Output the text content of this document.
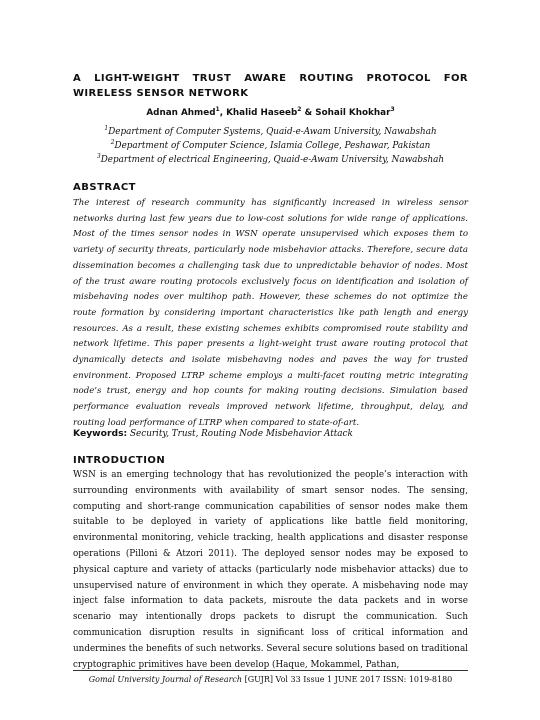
A LIGHT-WEIGHT TRUST AWARE ROUTING PROTOCOL FOR WIRELESS SENSOR NETWORK
Adnan Ahmed$^1$, Khalid Haseeb$^2$ & Sohail Khokhar$^3$
$^1$Department of Computer Systems, Quaid-e-Awam University, Nawabshah
$^2$Department of Computer Science, Islamia College, Peshawar, Pakistan
$^3$Department of electrical Engineering, Quaid-e-Awam University, Nawabshah
ABSTRACT
The interest of research community has significantly increased in wireless sensor networks during last few years due to low-cost solutions for wide range of applications. Most of the times sensor nodes in WSN operate unsupervised which exposes them to variety of security threats, particularly node misbehavior attacks. Therefore, secure data dissemination becomes a challenging task due to unpredictable behavior of nodes. Most of the trust aware routing protocols exclusively focus on identification and isolation of misbehaving nodes over multihop path. However, these schemes do not optimize the route formation by considering important characteristics like path length and energy resources. As a result, these existing schemes exhibits compromised route stability and network lifetime. This paper presents a light-weight trust aware routing protocol that dynamically detects and isolate misbehaving nodes and paves the way for trusted environment. Proposed LTRP scheme employs a multi-facet routing metric integrating node’s trust, energy and hop counts for making routing decisions. Simulation based performance evaluation reveals improved network lifetime, throughput, delay, and routing load performance of LTRP when compared to state-of-art.
Keywords: Security, Trust, Routing Node Misbehavior Attack
INTRODUCTION
WSN is an emerging technology that has revolutionized the people’s interaction with surrounding environments with availability of smart sensor nodes. The sensing, computing and short-range communication capabilities of sensor nodes make them suitable to be deployed in variety of applications like battle field monitoring, environmental monitoring, vehicle tracking, health applications and disaster response operations (Pilloni & Atzori 2011). The deployed sensor nodes may be exposed to physical capture and variety of attacks (particularly node misbehavior attacks) due to unsupervised nature of environment in which they operate. A misbehaving node may inject false information to data packets, misroute the data packets and in worse scenario may intentionally drops packets to disrupt the communication. Such communication disruption results in significant loss of critical information and undermines the benefits of such networks. Several secure solutions based on traditional cryptographic primitives have been develop (Haque, Mokammel, Pathan,
Gomal University Journal of Research [GUJR] Vol 33 Issue 1 JUNE 2017 ISSN: 1019-8180
